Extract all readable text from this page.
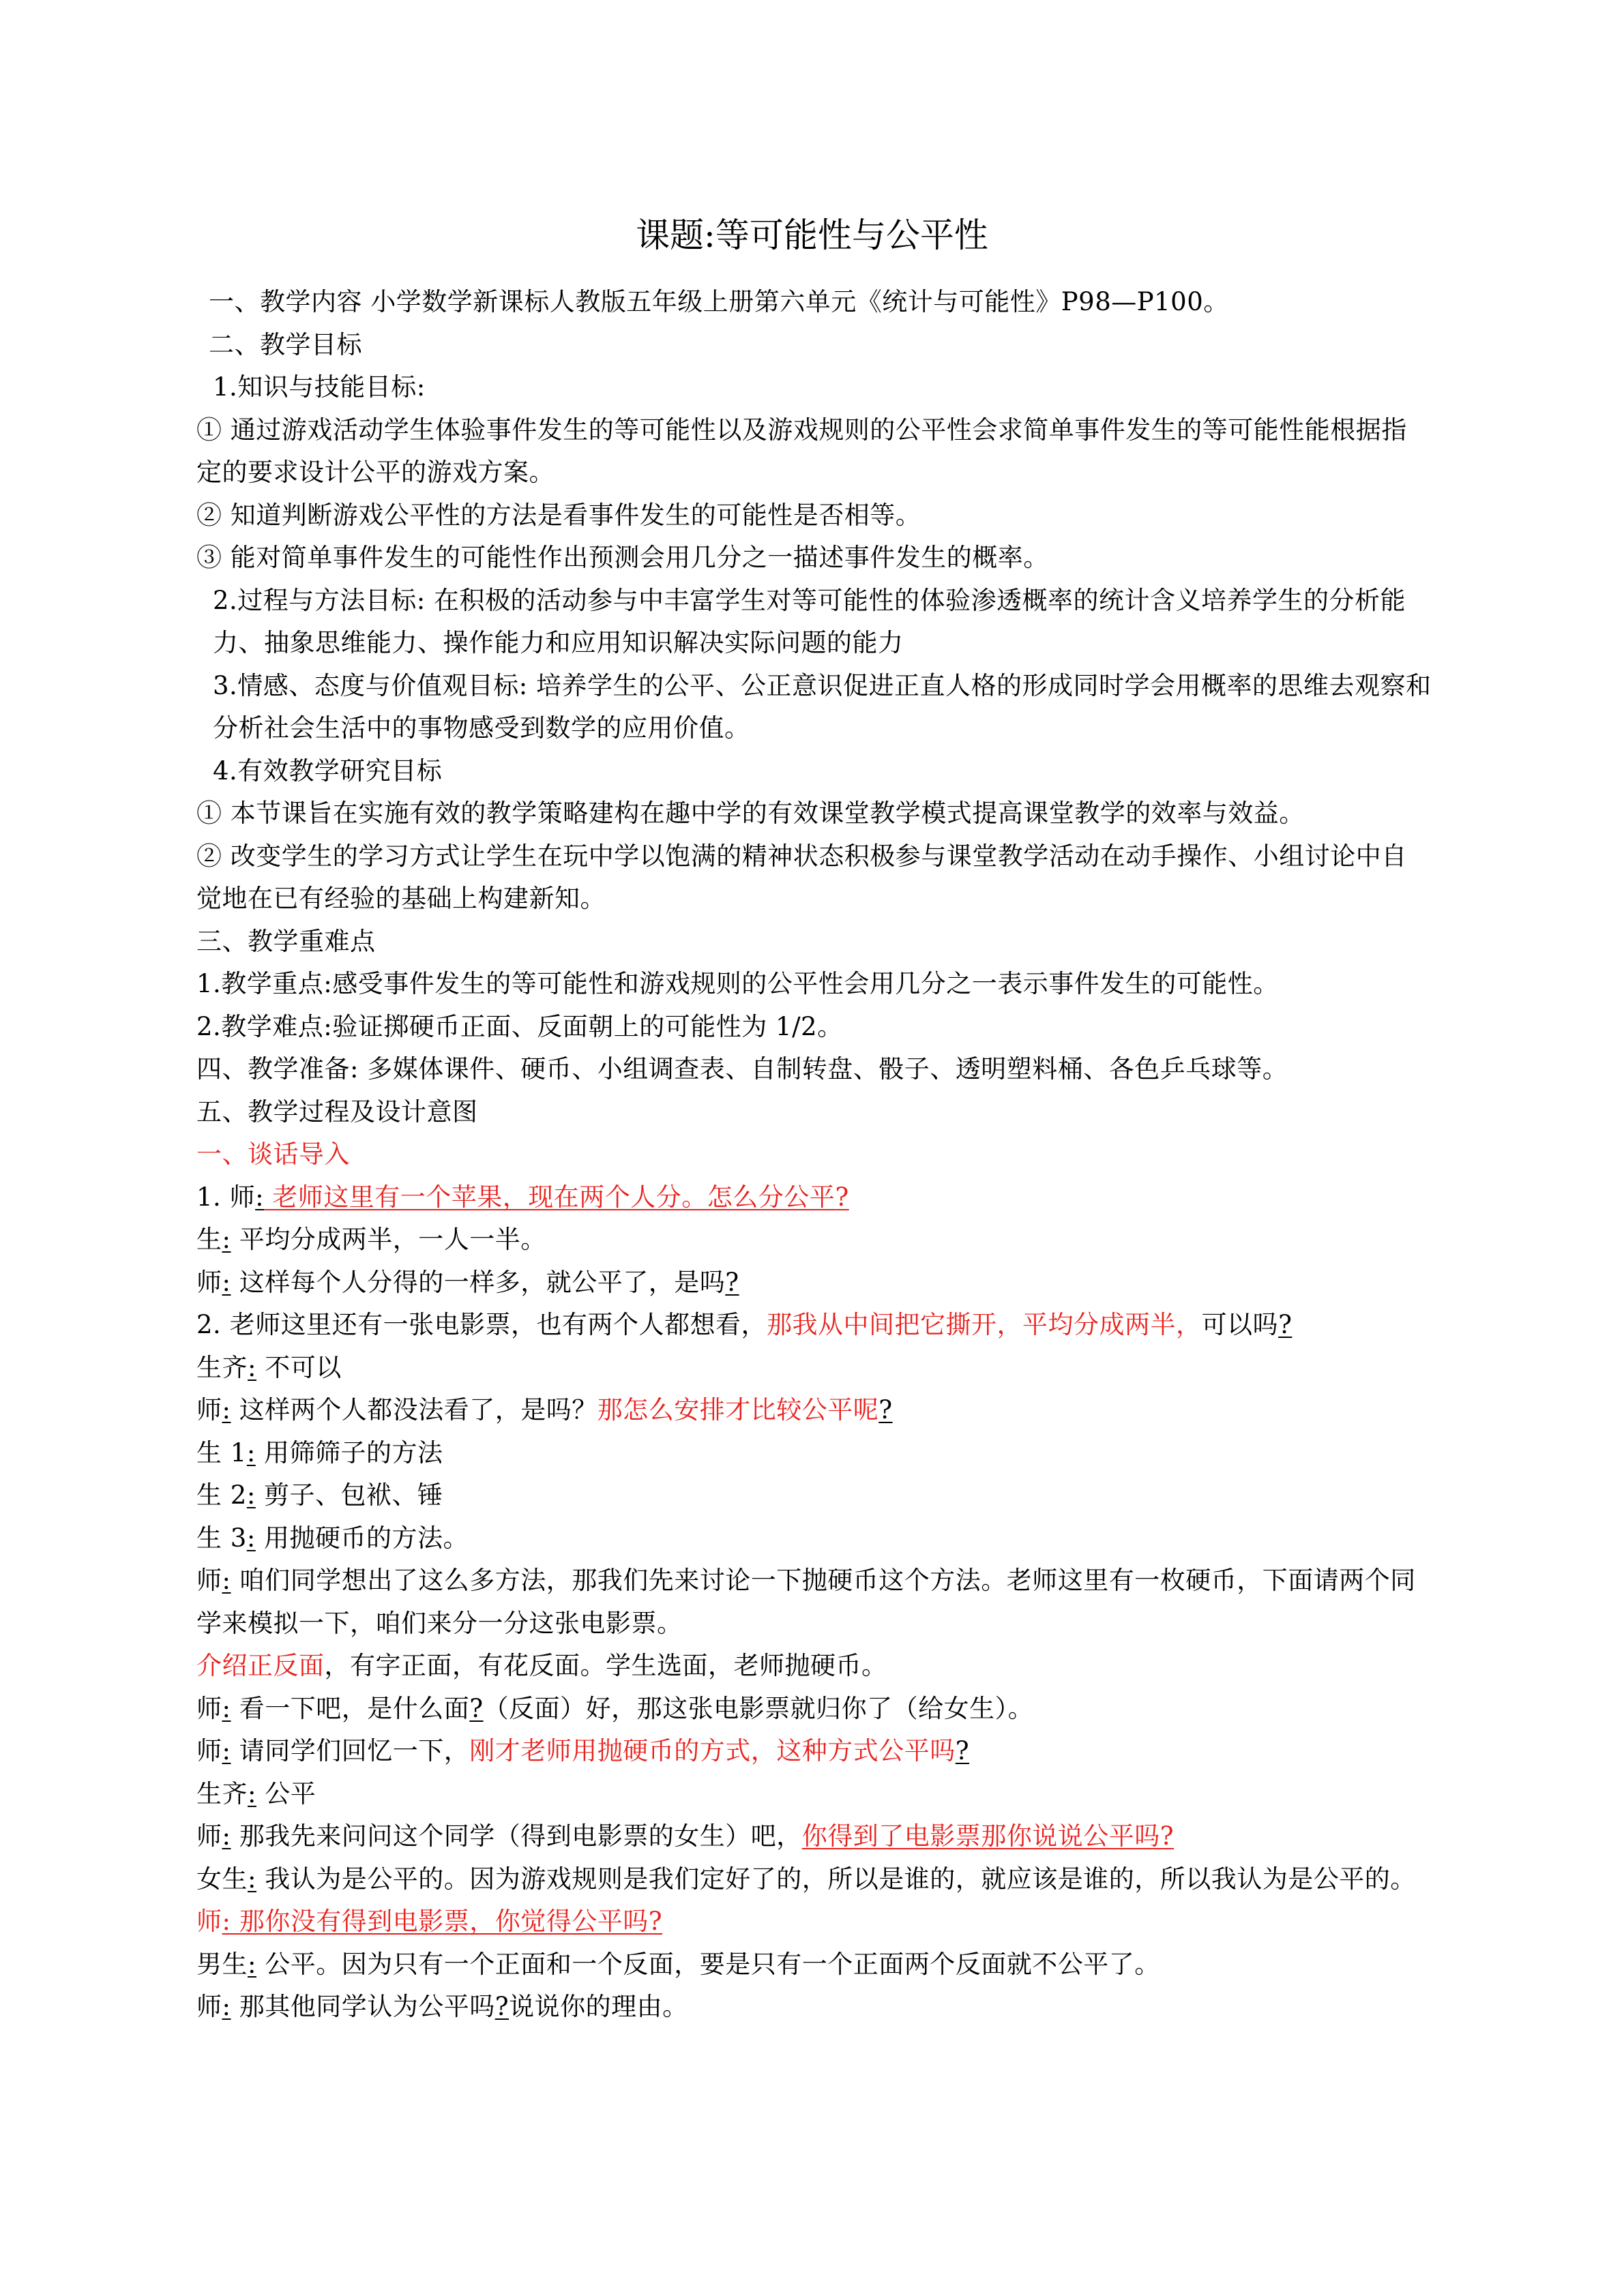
课题:等可能性与公平性
一、教学内容 小学数学新课标人教版五年级上册第六单元《统计与可能性》P98—P100。
二、教学目标
1.知识与技能目标:
① 通过游戏活动学生体验事件发生的等可能性以及游戏规则的公平性会求简单事件发生的等可能性能根据指定的要求设计公平的游戏方案。
② 知道判断游戏公平性的方法是看事件发生的可能性是否相等。
③ 能对简单事件发生的可能性作出预测会用几分之一描述事件发生的概率。
2.过程与方法目标: 在积极的活动参与中丰富学生对等可能性的体验渗透概率的统计含义培养学生的分析能力、抽象思维能力、操作能力和应用知识解决实际问题的能力
3.情感、态度与价值观目标: 培养学生的公平、公正意识促进正直人格的形成同时学会用概率的思维去观察和分析社会生活中的事物感受到数学的应用价值。
4.有效教学研究目标
① 本节课旨在实施有效的教学策略建构在趣中学的有效课堂教学模式提高课堂教学的效率与效益。
② 改变学生的学习方式让学生在玩中学以饱满的精神状态积极参与课堂教学活动在动手操作、小组讨论中自觉地在已有经验的基础上构建新知。
三、教学重难点
1.教学重点:感受事件发生的等可能性和游戏规则的公平性会用几分之一表示事件发生的可能性。
2.教学难点:验证掷硬币正面、反面朝上的可能性为 1/2。
四、教学准备: 多媒体课件、硬币、小组调查表、自制转盘、骰子、透明塑料桶、各色乒乓球等。
五、教学过程及设计意图
一、谈话导入
1. 师: 老师这里有一个苹果，现在两个人分。怎么分公平?
生: 平均分成两半，一人一半。
师: 这样每个人分得的一样多，就公平了，是吗?
2. 老师这里还有一张电影票，也有两个人都想看，那我从中间把它撕开，平均分成两半，可以吗?
生齐: 不可以
师: 这样两个人都没法看了，是吗？那怎么安排才比较公平呢?
生 1: 用筛筛子的方法
生 2: 剪子、包袱、锤
生 3: 用抛硬币的方法。
师: 咱们同学想出了这么多方法，那我们先来讨论一下抛硬币这个方法。老师这里有一枚硬币，下面请两个同学来模拟一下，咱们来分一分这张电影票。
介绍正反面，有字正面，有花反面。学生选面，老师抛硬币。
师: 看一下吧，是什么面?（反面）好，那这张电影票就归你了（给女生）。
师: 请同学们回忆一下，刚才老师用抛硬币的方式，这种方式公平吗?
生齐: 公平
师: 那我先来问问这个同学（得到电影票的女生）吧，你得到了电影票那你说说公平吗?
女生: 我认为是公平的。因为游戏规则是我们定好了的，所以是谁的，就应该是谁的，所以我认为是公平的。
师: 那你没有得到电影票，你觉得公平吗?
男生: 公平。因为只有一个正面和一个反面，要是只有一个正面两个反面就不公平了。
师: 那其他同学认为公平吗?说说你的理由。
